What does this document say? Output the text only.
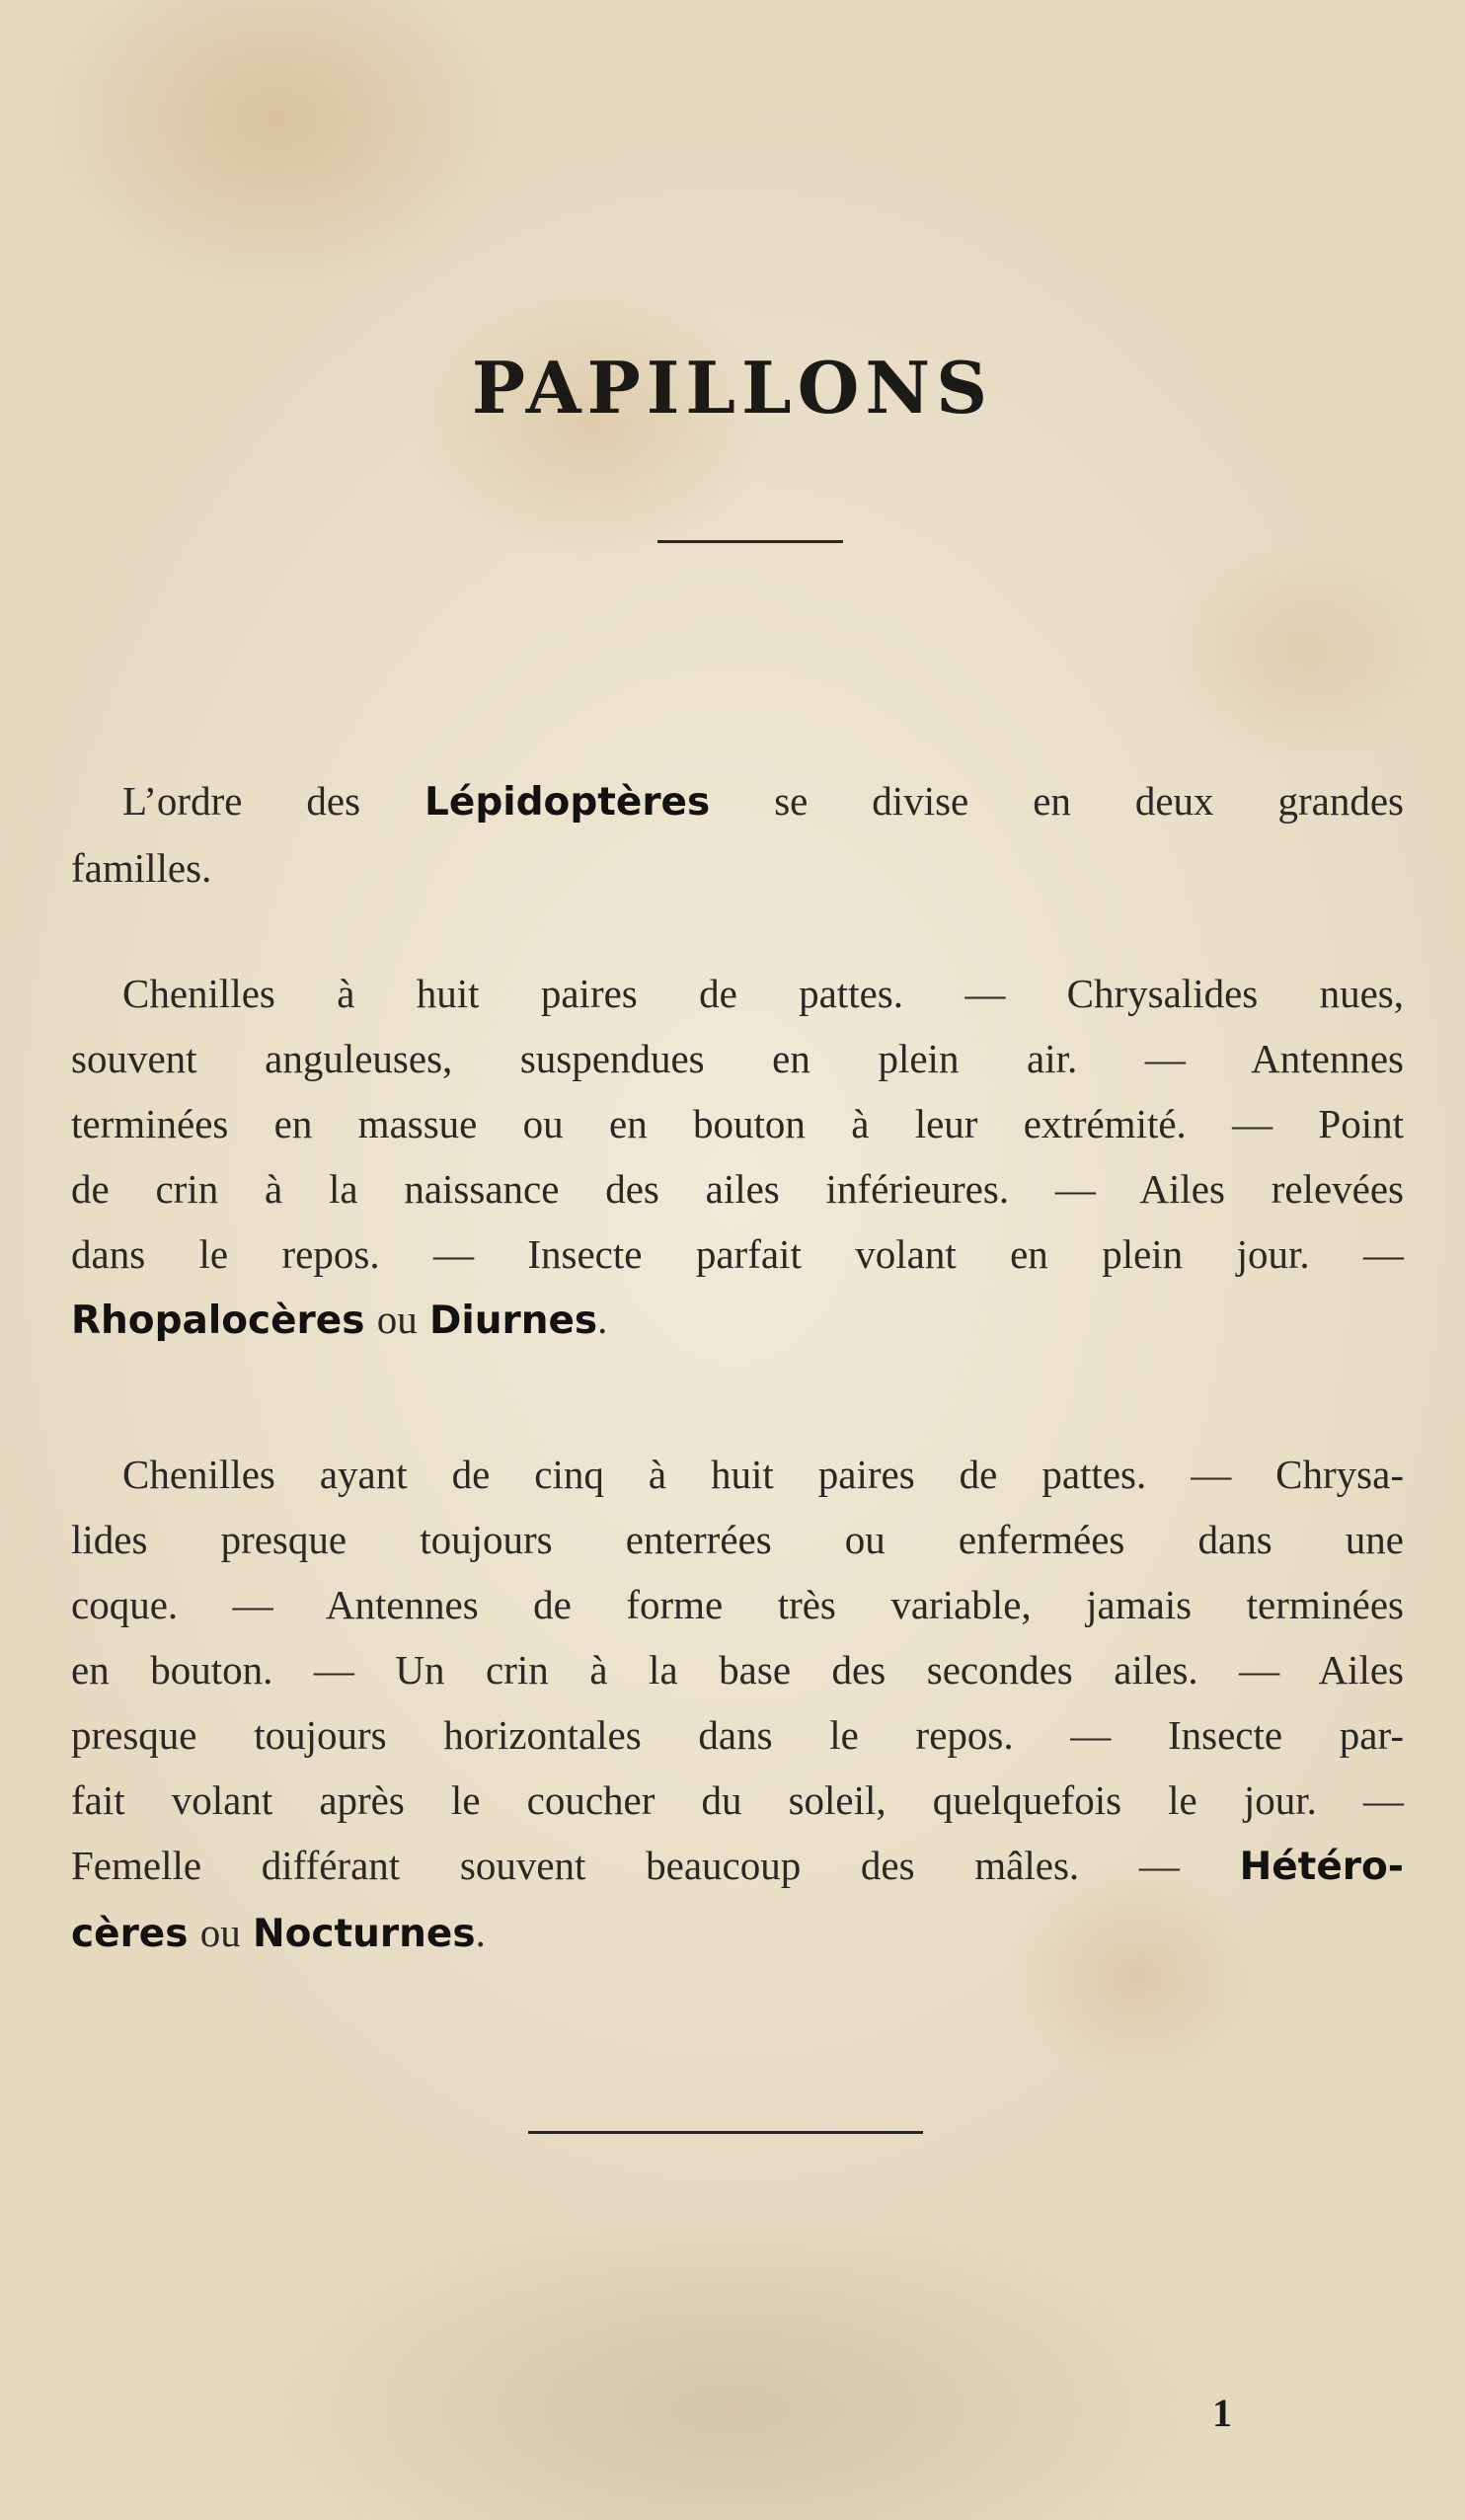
PAPILLONS
L’ordre des Lépidoptères se divise en deux grandes
familles.
Chenilles à huit paires de pattes. — Chrysalides nues,
souvent anguleuses, suspendues en plein air. — Antennes
terminées en massue ou en bouton à leur extrémité. — Point
de crin à la naissance des ailes inférieures. — Ailes relevées
dans le repos. — Insecte parfait volant en plein jour. —
Rhopalocères ou Diurnes.
Chenilles ayant de cinq à huit paires de pattes. — Chrysa-
lides presque toujours enterrées ou enfermées dans une
coque. — Antennes de forme très variable, jamais terminées
en bouton. — Un crin à la base des secondes ailes. — Ailes
presque toujours horizontales dans le repos. — Insecte par-
fait volant après le coucher du soleil, quelquefois le jour. —
Femelle différant souvent beaucoup des mâles. — Hétéro-
cères ou Nocturnes.
1
